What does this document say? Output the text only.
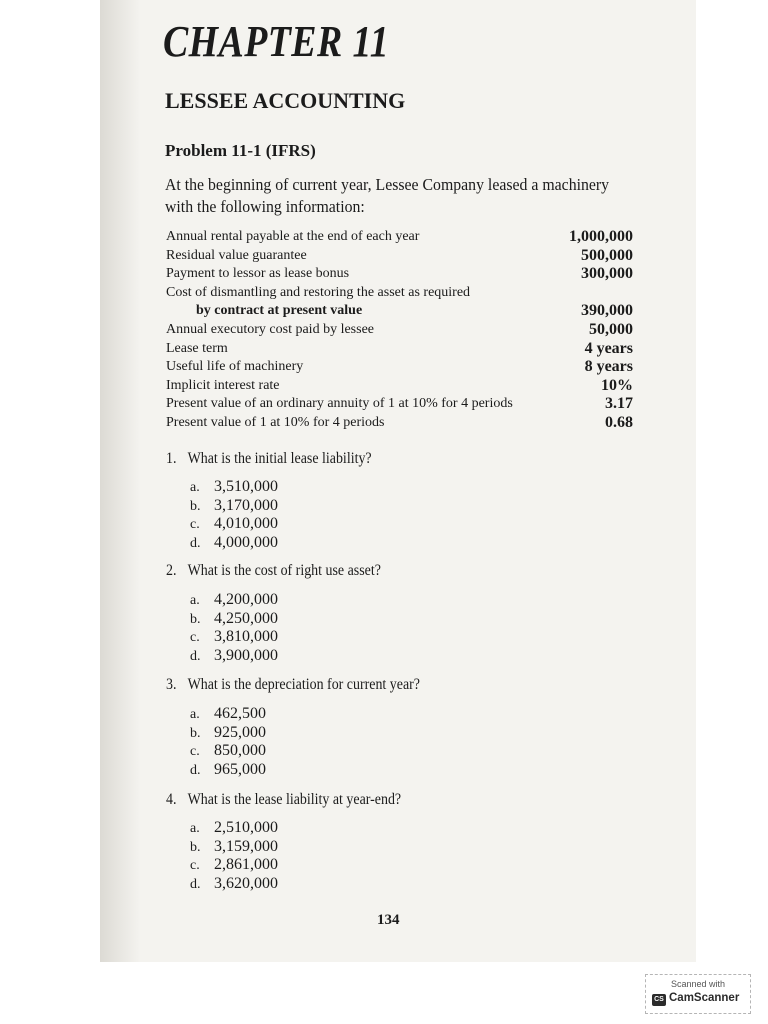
CHAPTER 11
LESSEE ACCOUNTING
Problem 11-1 (IFRS)
At the beginning of current year, Lessee Company leased a machinery
with the following information:
Annual rental payable at the end of each year	1,000,000
Residual value guarantee	500,000
Payment to lessor as lease bonus	300,000
Cost of dismantling and restoring the asset as required
by contract at present value	390,000
Annual executory cost paid by lessee	50,000
Lease term	4 years
Useful life of machinery	8 years
Implicit interest rate	10%
Present value of an ordinary annuity of 1 at 10% for 4 periods	3.17
Present value of 1 at 10% for 4 periods	0.68
1. What is the initial lease liability?
a. 3,510,000
b. 3,170,000
c. 4,010,000
d. 4,000,000
2. What is the cost of right use asset?
a. 4,200,000
b. 4,250,000
c. 3,810,000
d. 3,900,000
3. What is the depreciation for current year?
a. 462,500
b. 925,000
c. 850,000
d. 965,000
4. What is the lease liability at year-end?
a. 2,510,000
b. 3,159,000
c. 2,861,000
d. 3,620,000
134
Scanned with
CS CamScanner
